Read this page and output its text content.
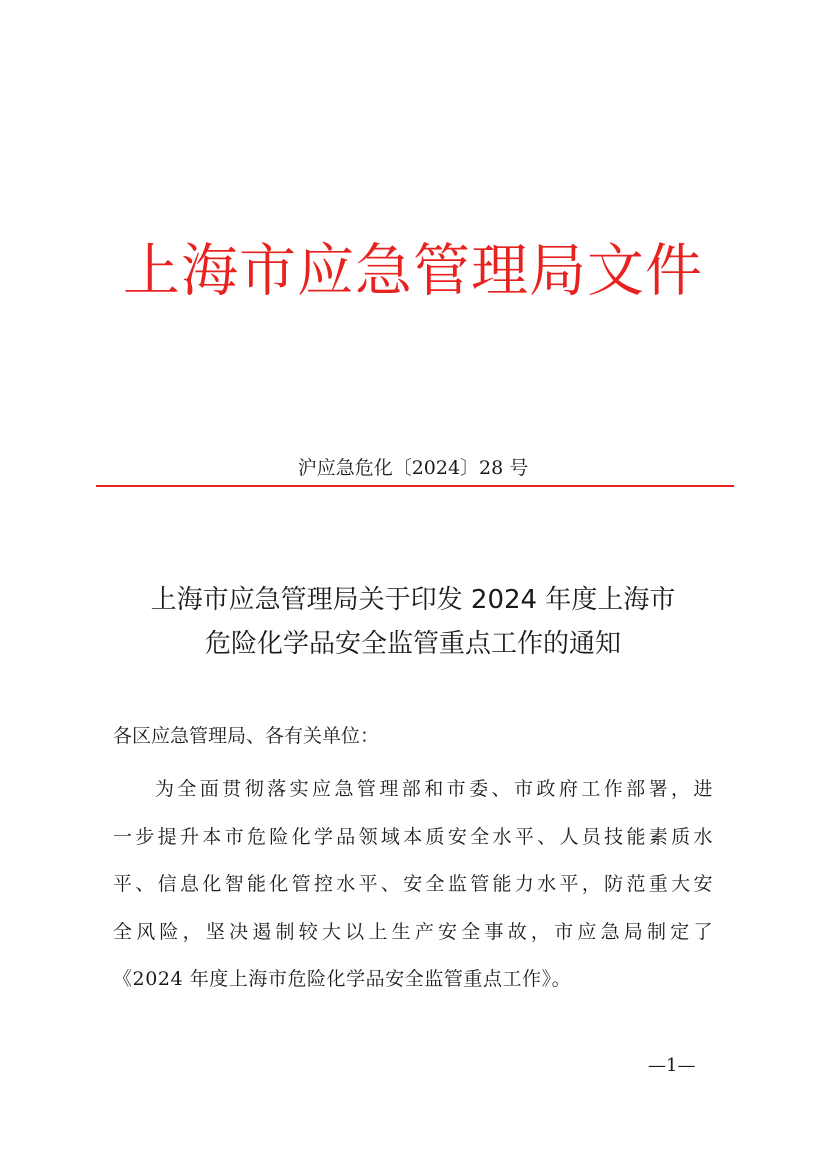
上海市应急管理局文件
沪应急危化〔2024〕28 号
上海市应急管理局关于印发 2024 年度上海市
危险化学品安全监管重点工作的通知
各区应急管理局、各有关单位：
为全面贯彻落实应急管理部和市委、市政府工作部署，进
一步提升本市危险化学品领域本质安全水平、人员技能素质水
平、信息化智能化管控水平、安全监管能力水平，防范重大安
全风险，坚决遏制较大以上生产安全事故，市应急局制定了
《2024 年度上海市危险化学品安全监管重点工作》。
—1—
